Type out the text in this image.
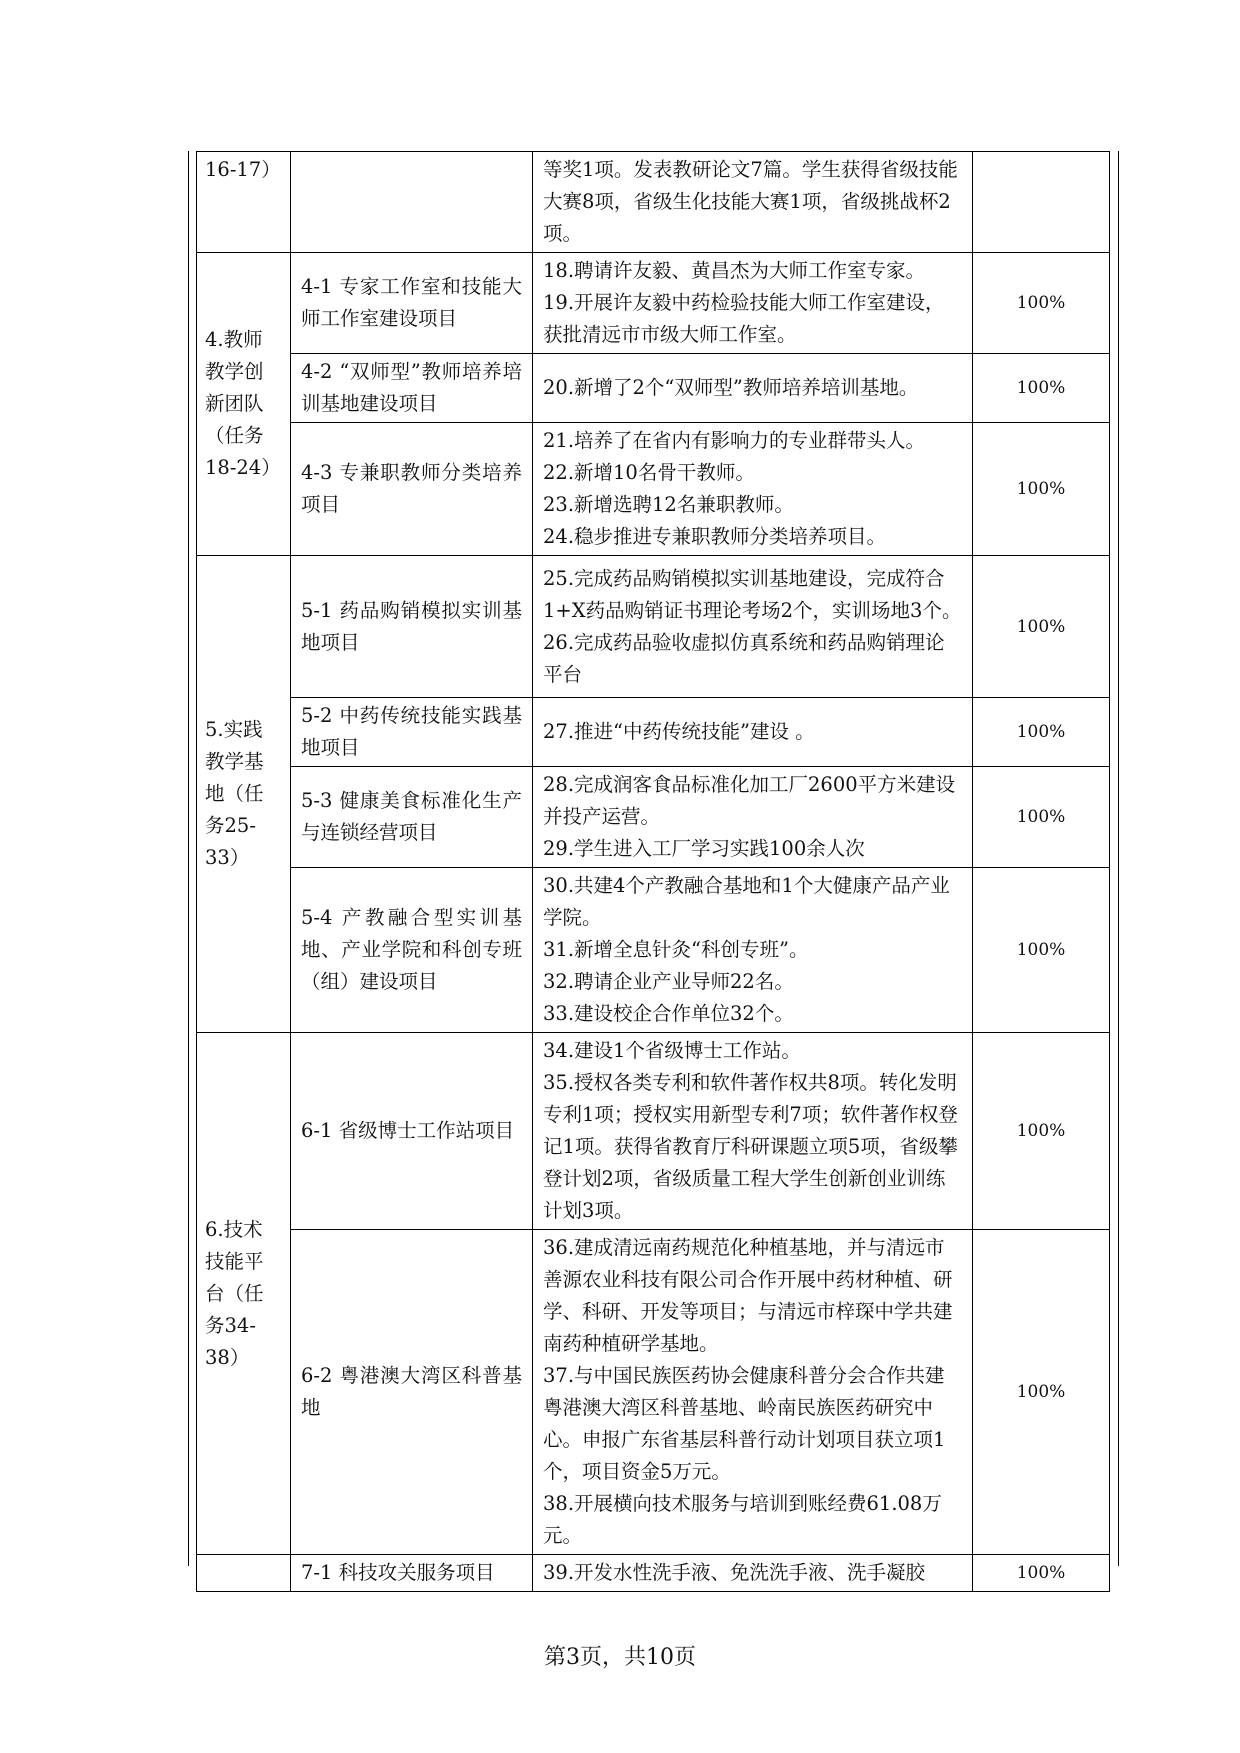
16-17）		等奖1项。发表教研论文7篇。学生获得省级技能大赛8项，省级生化技能大赛1项，省级挑战杯2项。	

4.教师教学创新团队（任务18-24）	4-1 专家工作室和技能大师工作室建设项目	18.聘请许友毅、黄昌杰为大师工作室专家。
19.开展许友毅中药检验技能大师工作室建设，获批清远市市级大师工作室。	100%
	4-2 “双师型”教师培养培训基地建设项目	20.新增了2个“双师型”教师培养培训基地。	100%
	4-3 专兼职教师分类培养项目	21.培养了在省内有影响力的专业群带头人。
22.新增10名骨干教师。
23.新增选聘12名兼职教师。
24.稳步推进专兼职教师分类培养项目。	100%
5.实践教学基地（任务25-33）	5-1 药品购销模拟实训基地项目	25.完成药品购销模拟实训基地建设，完成符合1+X药品购销证书理论考场2个，实训场地3个。
26.完成药品验收虚拟仿真系统和药品购销理论平台	100%
	5-2 中药传统技能实践基地项目	27.推进“中药传统技能”建设 。	100%
	5-3 健康美食标准化生产与连锁经营项目	28.完成润客食品标准化加工厂2600平方米建设并投产运营。
29.学生进入工厂学习实践100余人次	100%
	5-4 产教融合型实训基地、产业学院和科创专班（组）建设项目	30.共建4个产教融合基地和1个大健康产品产业学院。
31.新增全息针灸“科创专班”。
32.聘请企业产业导师22名。
33.建设校企合作单位32个。	100%
6.技术技能平台（任务34-38）	6-1 省级博士工作站项目	34.建设1个省级博士工作站。
35.授权各类专利和软件著作权共8项。转化发明专利1项；授权实用新型专利7项；软件著作权登记1项。获得省教育厅科研课题立项5项，省级攀登计划2项，省级质量工程大学生创新创业训练计划3项。	100%
	6-2 粤港澳大湾区科普基地	36.建成清远南药规范化种植基地，并与清远市善源农业科技有限公司合作开展中药材种植、研学、科研、开发等项目；与清远市梓琛中学共建南药种植研学基地。
37.与中国民族医药协会健康科普分会合作共建粤港澳大湾区科普基地、岭南民族医药研究中心。申报广东省基层科普行动计划项目获立项1个，项目资金5万元。
38.开展横向技术服务与培训到账经费61.08万元。	100%
	7-1 科技攻关服务项目	39.开发水性洗手液、免洗洗手液、洗手凝胶	100%
第3页，共10页
